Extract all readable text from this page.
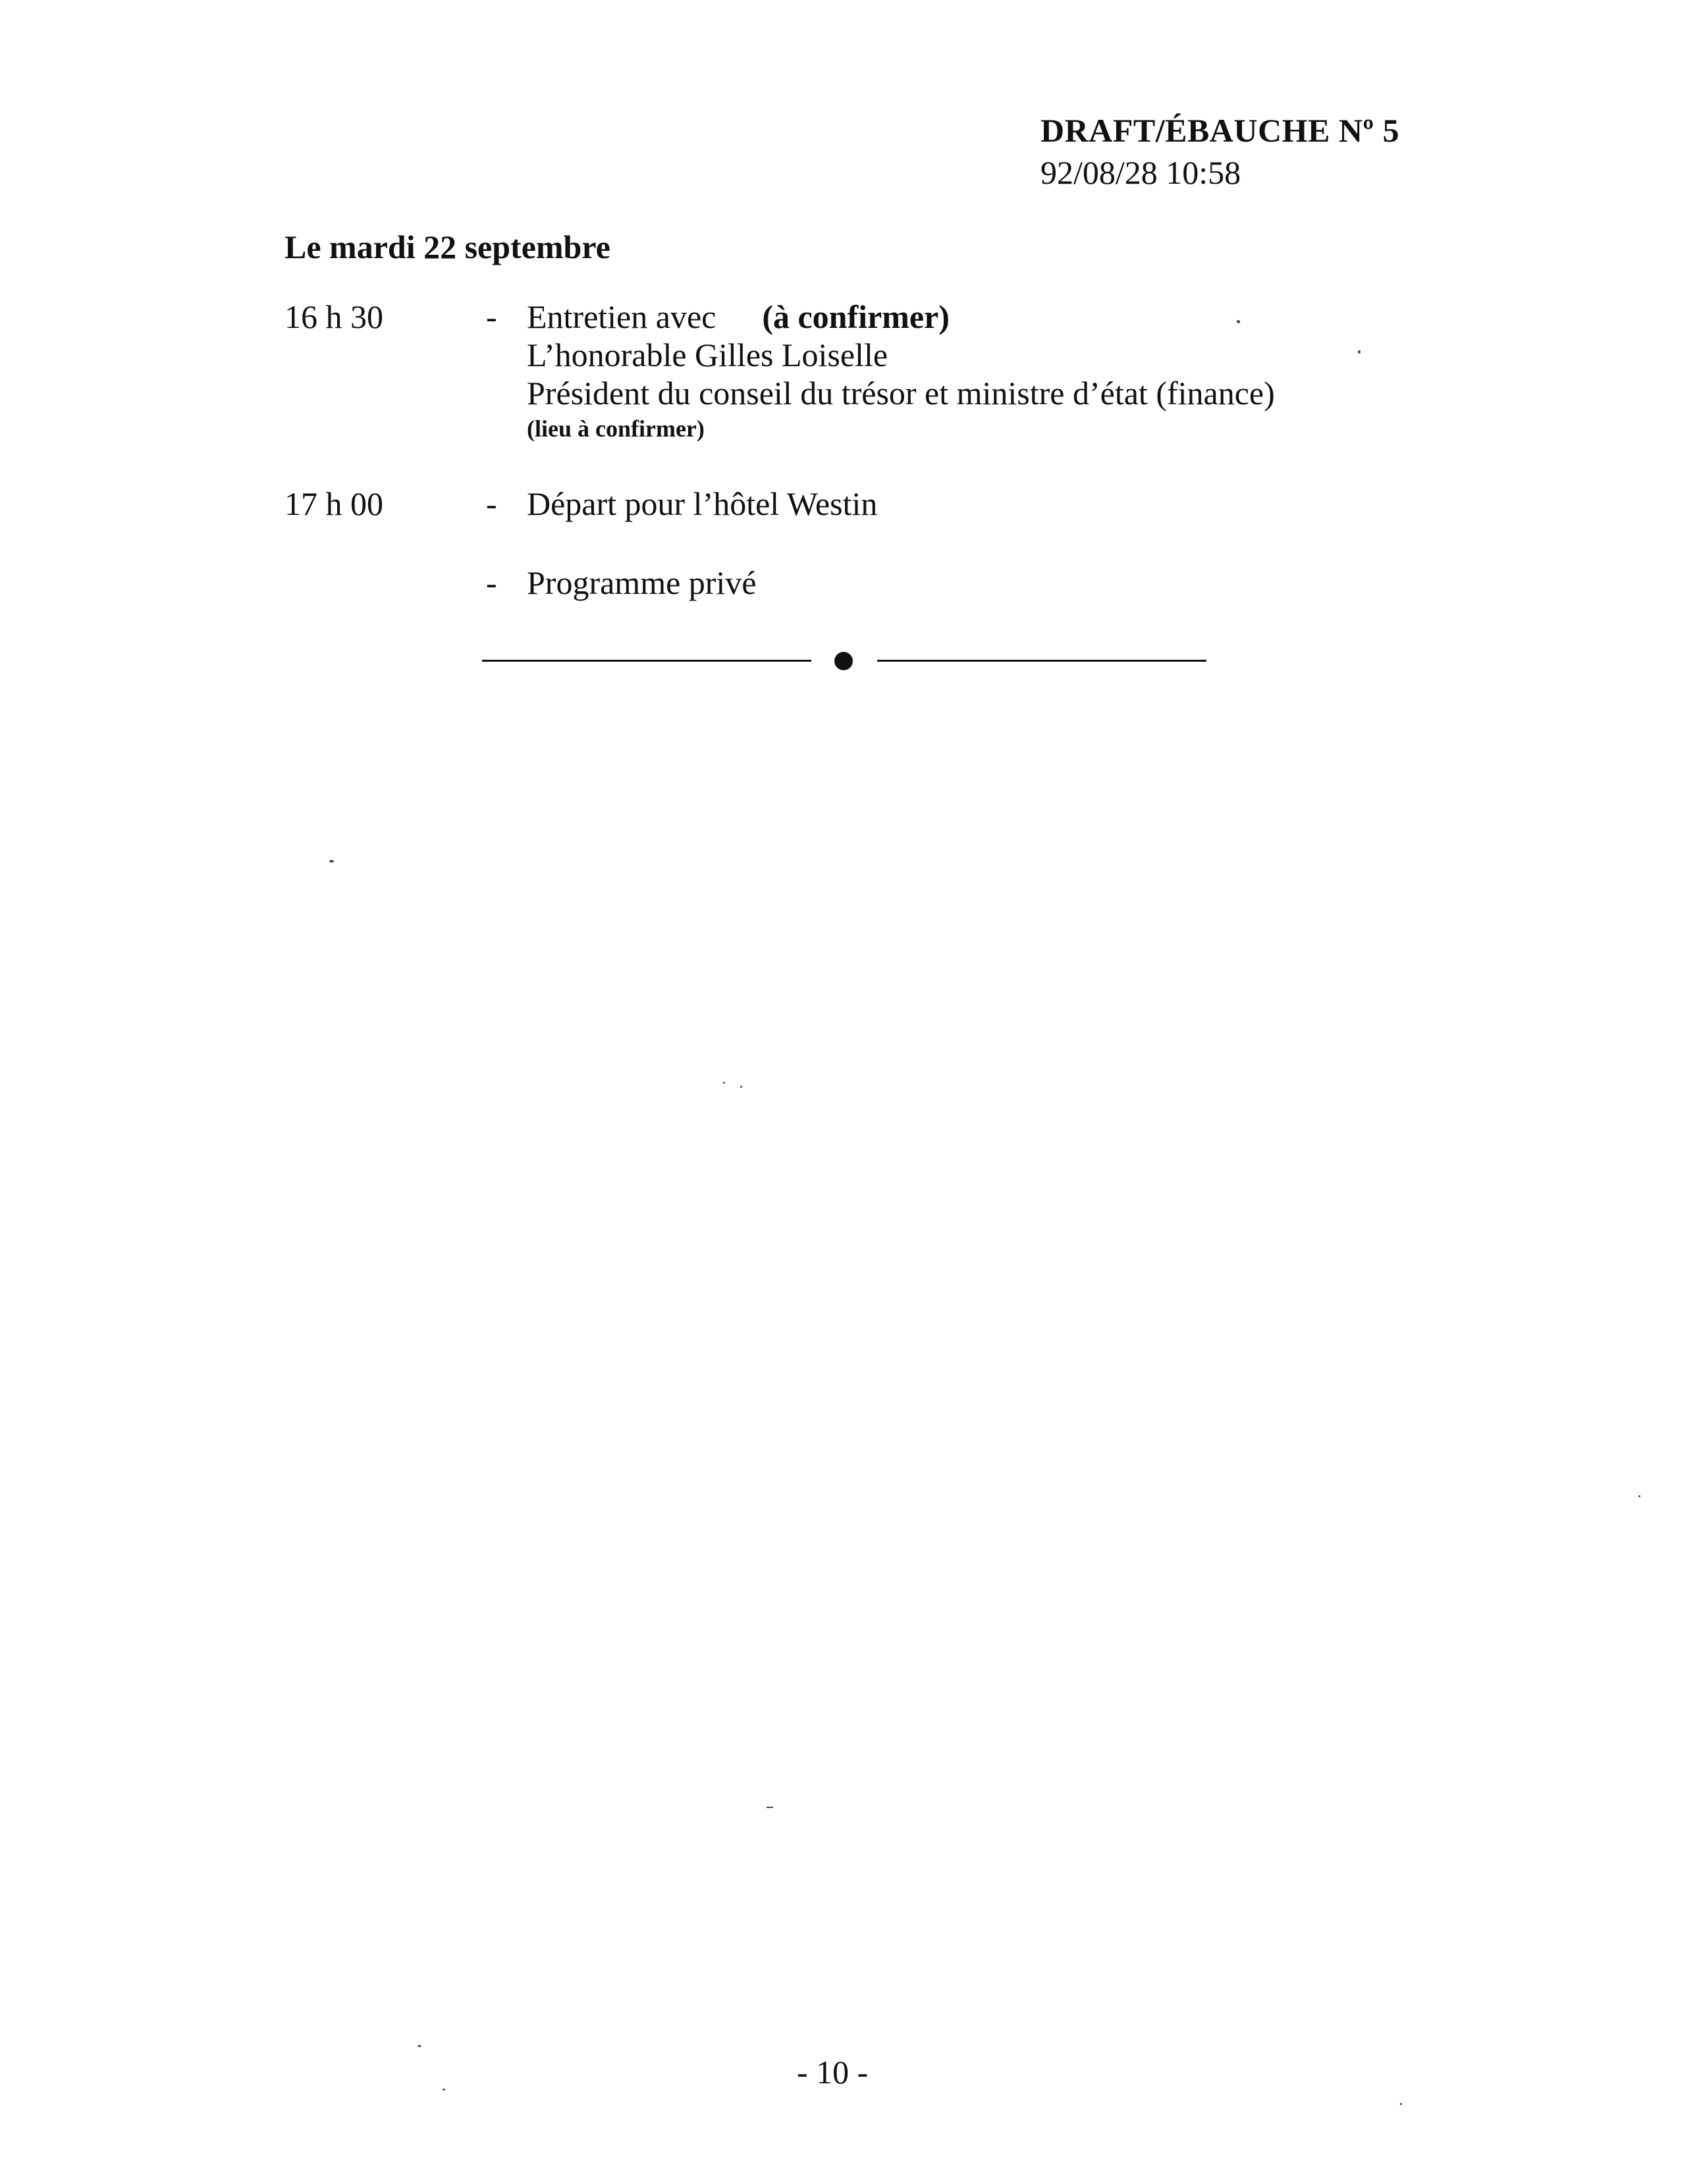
DRAFT/ÉBAUCHE Nº 5
92/08/28 10:58
Le mardi 22 septembre
16 h 30	- Entretien avec (à confirmer)
L’honorable Gilles Loiselle
Président du conseil du trésor et ministre d’état (finance)
(lieu à confirmer)
17 h 00	- Départ pour l’hôtel Westin
- Programme privé
- 10 -
